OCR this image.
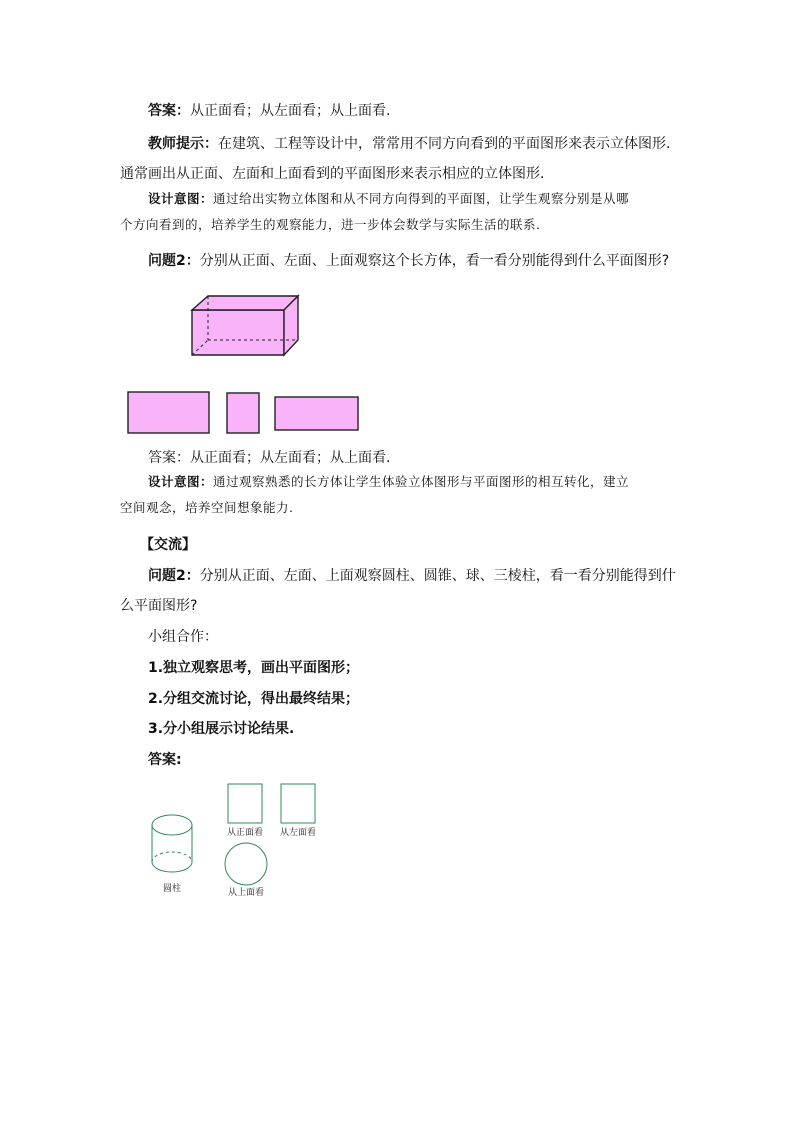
答案：从正面看；从左面看；从上面看.
教师提示：在建筑、工程等设计中，常常用不同方向看到的平面图形来表示立体图形.
通常画出从正面、左面和上面看到的平面图形来表示相应的立体图形.
设计意图：通过给出实物立体图和从不同方向得到的平面图，让学生观察分别是从哪
个方向看到的，培养学生的观察能力，进一步体会数学与实际生活的联系.
问题2：分别从正面、左面、上面观察这个长方体，看一看分别能得到什么平面图形?
答案：从正面看；从左面看；从上面看.
设计意图：通过观察熟悉的长方体让学生体验立体图形与平面图形的相互转化，建立
空间观念，培养空间想象能力.
【交流】
问题2：分别从正面、左面、上面观察圆柱、圆锥、球、三棱柱，看一看分别能得到什
么平面图形?
小组合作：
1.独立观察思考，画出平面图形；
2.分组交流讨论，得出最终结果；
3.分小组展示讨论结果.
答案:
圆柱
从正面看 从左面看
从上面看
